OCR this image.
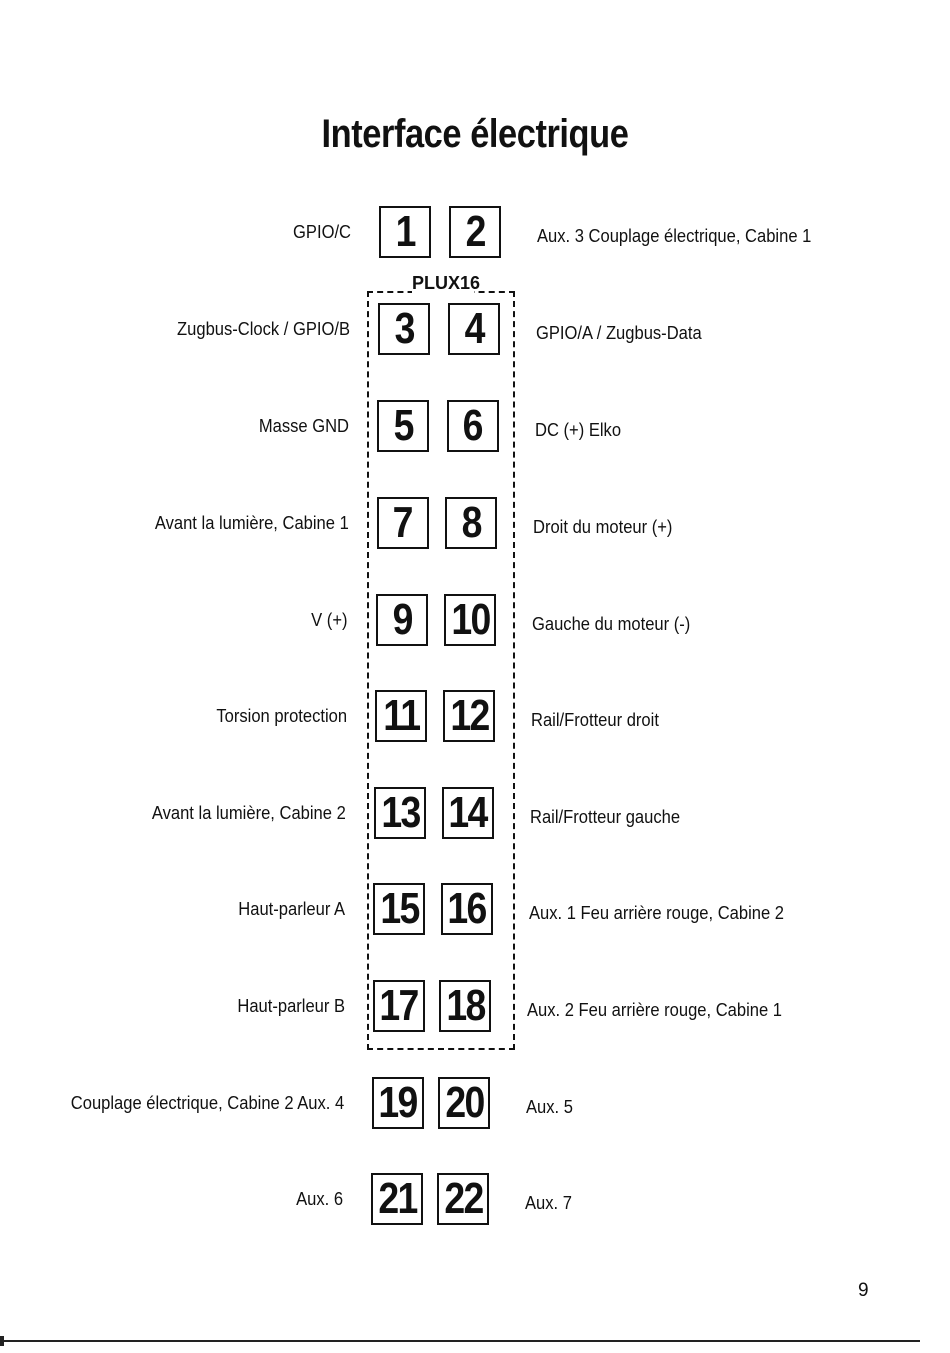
Interface électrique
PLUX16
GPIO/C 1 2	Aux. 3 Couplage électrique, Cabine 1
Zugbus-Clock / GPIO/B 3 4	GPIO/A / Zugbus-Data
Masse GND 5 6	DC (+) Elko
Avant la lumière, Cabine 1 7 8	Droit du moteur (+)
V (+) 9 10 Gauche du moteur (-)
Torsion protection 11 12 Rail/Frotteur droit
Avant la lumière, Cabine 2 13 14 Rail/Frotteur gauche
Haut-parleur A 15 16 Aux. 1 Feu arrière rouge, Cabine 2
Haut-parleur B 17 18 Aux. 2 Feu arrière rouge, Cabine 1
Couplage électrique, Cabine 2 Aux. 4 19 20 Aux. 5
Aux. 6 21 22 Aux. 7
9
